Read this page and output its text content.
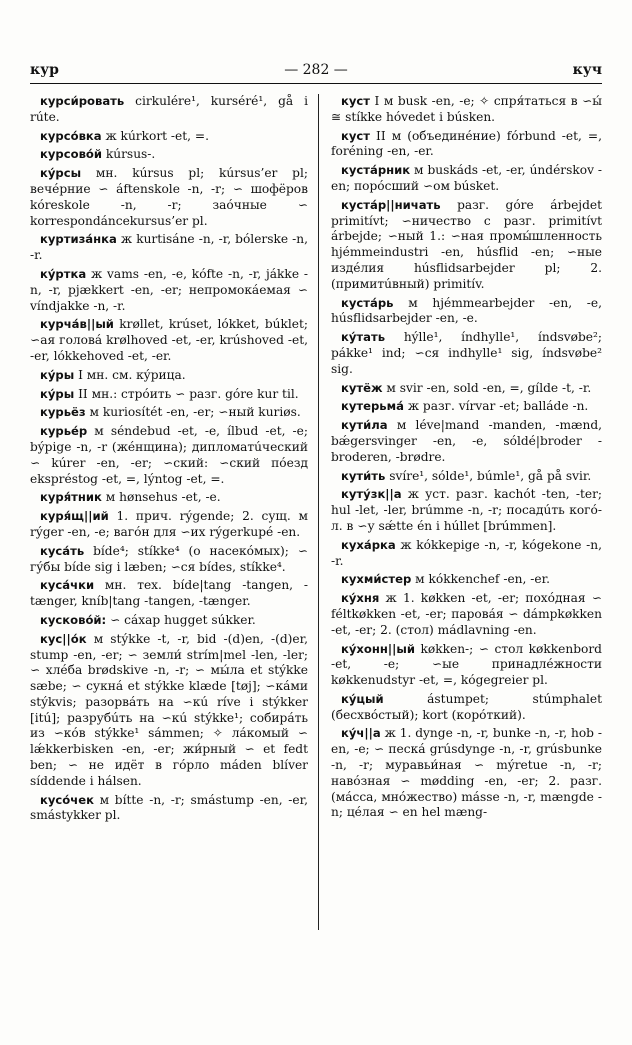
кур	— 282 —	куч

курси́ровать cirkulére¹, kurséré¹, gå i rúte.

курсо́вка ж kúrkort -et, =.

курсово́й kúrsus-.

ку́рсы мн. kúrsus pl; kúrsus’er pl; вечéрние ∽ áftenskole -n, -r; ∽ шофёров kóreskole -n, -r; заóчные ∽ korrespondáncekursus’er pl.

куртиза́нка ж kurtisáne -n, -r, bólerske -n, -r.

ку́ртка ж vams -en, -e, kófte -n, -r, jákke -n, -r, pjækkert -en, -er; непромокáемая ∽ víndjakke -n, -r.

курча́в||ый krøllet, krúset, lókket, búklet; ∽ая головá krølhoved -et, -er, krúshoved -et, -er, lókkehoved -et, -er.

ку́ры I мн. см. кýрица.

ку́ры II мн.: стрóить ∽ разг. góre kur til.

курьёз м kuriosítét -en, -er; ∽ный kuriøs.

курье́р м séndebud -et, -e, ílbud -et, -e; býpige -n, -r (жéнщина); дипломатúческий ∽ kúrer -en, -er; ∽ский: ∽ский пóезд ekspréstog -et, =, lýntog -et, =.

куря́тник м hønsehus -et, -e.

куря́щ||ий 1. прич. rýgende; 2. сущ. м rýger -en, -e; вагóн для ∽их rýgerkupé -en.

куса́ть bíde⁴; stíkke⁴ (о насекóмых); ∽ гýбы bíde sig i læben; ∽ся bídes, stíkke⁴.

куса́чки мн. тех. bíde|tang -tangen, -tænger, kníb|tang -tangen, -tænger.

кусково́й: ∽ сáхар hugget súkker.

кус||о́к м stýkke -t, -r, bid -(d)en, -(d)er, stump -en, -er; ∽ земли́ strím|mel -len, -ler; ∽ хлéба brødskive -n, -r; ∽ мы́ла et stýkke sæbe; ∽ сукнá et stýkke klæde [tøj]; ∽кáми stýkvis; разорвáть на ∽кú ríve i stýkker [itú]; разрубúть на ∽кú stýkke¹; собирáть из ∽кóв stýkke¹ sámmen; ✧ лáкомый ∽ lǽkkerbisken -en, -er; жи́рный ∽ et fedt ben; ∽ не идёт в гóрло máden blíver síddende i hálsen.

кусо́чек м bítte -n, -r; smástump -en, -er, smástykker pl.

куст I м busk -en, -e; ✧ спря́таться в ∽ы́ ≅ stíkke hóvedet i búsken.

куст II м (объединéние) fórbund -et, =, foréning -en, -er.

куста́рник м buskáds -et, -er, úndérskov -en; порóсший ∽ом búsket.

куста́р||ничать разг. góre árbejdet primitívt; ∽ничество с разг. primitívt árbejde; ∽ный 1.: ∽ная промы́шленность hjémmeindustri -en, húsflid -en; ∽ные издéлия húsflidsarbejder pl; 2. (примитúвный) primitív.

куста́рь м hjémmearbejder -en, -e, húsflidsarbejder -en, -e.

ку́тать hýlle¹, índhylle¹, índsvøbe²; pákke¹ ind; ∽ся indhylle¹ sig, índsvøbe² sig.

кутёж м svir -en, sold -en, =, gílde -t, -r.

кутерьма́ ж разг. vírvar -et; balláde -n.

кути́ла м léve|mand -manden, -mænd, bǽgersvinger -en, -e, sóldé|broder -broderen, -brødre.

кути́ть svíre¹, sólde¹, búmle¹, gå på svir.

кутýзк||а ж уст. разг. kachót -ten, -ter; hul -let, -ler, brúmme -n, -r; посадúть когó-л. в ∽у sǽtte én i húllet [brúmmen].

куха́рка ж kókkepige -n, -r, kógekone -n, -r.

кухми́стер м kókkenchef -en, -er.

ку́хня ж 1. køkken -et, -er; похóдная ∽ féltkøkken -et, -er; паровáя ∽ dámpkøkken -et, -er; 2. (стол) mádlavning -en.

ку́хонн||ый køkken-; ∽ стол køkkenbord -et, -e; ∽ые принадлéжности køkkenudstyr -et, =, kógegreier pl.

ку́цый ástumpet; stúmphalet (бесхвóстый); kort (корóткий).

ку́ч||а ж 1. dynge -n, -r, bunke -n, -r, hob -en, -e; ∽ пескá grúsdynge -n, -r, grúsbunke -n, -r; муравьи́ная ∽ mýretue -n, -r; навóзная ∽ mødding -en, -er; 2. разг. (мáсса, мнóжество) másse -n, -r, mængde -n; цéлая ∽ en hel mæng-
